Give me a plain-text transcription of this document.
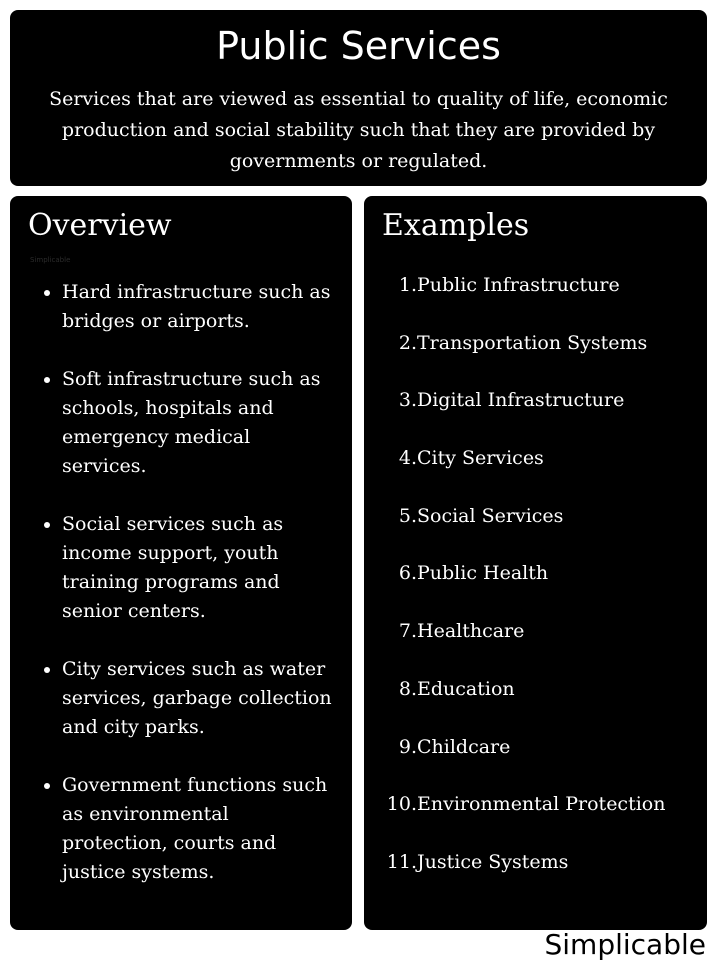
Public Services
Services that are viewed as essential to quality of life, economic production and social stability such that they are provided by governments or regulated.
Overview
Simplicable
Hard infrastructure such as bridges or airports.
Soft infrastructure such as schools, hospitals and emergency medical services.
Social services such as income support, youth training programs and senior centers.
City services such as water services, garbage collection and city parks.
Government functions such as environmental protection, courts and justice systems.
Examples
1. Public Infrastructure
2. Transportation Systems
3. Digital Infrastructure
4. City Services
5. Social Services
6. Public Health
7. Healthcare
8. Education
9. Childcare
10. Environmental Protection
11. Justice Systems
Simplicable
